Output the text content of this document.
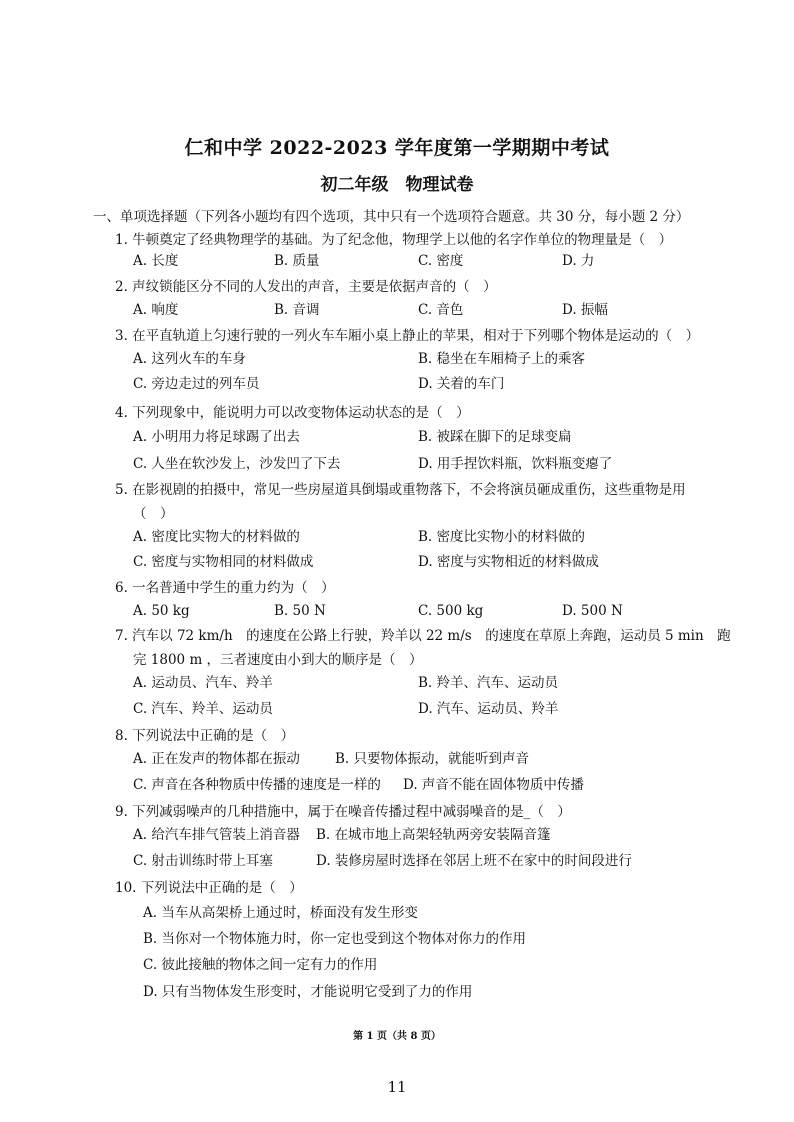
仁和中学 2022-2023 学年度第一学期期中考试
初二年级　物理试卷
一、单项选择题（下列各小题均有四个选项，其中只有一个选项符合题意。共 30 分，每小题 2 分）
1. 牛顿奠定了经典物理学的基础。为了纪念他，物理学上以他的名字作单位的物理量是（　）
A. 长度	B. 质量	C. 密度	D. 力
2. 声纹锁能区分不同的人发出的声音，主要是依据声音的（　）
A. 响度	B. 音调	C. 音色	D. 振幅
3. 在平直轨道上匀速行驶的一列火车车厢小桌上静止的苹果，相对于下列哪个物体是运动的（　）
A. 这列火车的车身	B. 稳坐在车厢椅子上的乘客
C. 旁边走过的列车员	D. 关着的车门
4. 下列现象中，能说明力可以改变物体运动状态的是（　）
A. 小明用力将足球踢了出去	B. 被踩在脚下的足球变扁
C. 人坐在软沙发上，沙发凹了下去	D. 用手捏饮料瓶，饮料瓶变瘪了
5. 在影视剧的拍摄中，常见一些房屋道具倒塌或重物落下，不会将演员砸成重伤，这些重物是用
（　）
A. 密度比实物大的材料做的	B. 密度比实物小的材料做的
C. 密度与实物相同的材料做成	D. 密度与实物相近的材料做成
6. 一名普通中学生的重力约为（　）
A. 50 kg	B. 50 N	C. 500 kg	D. 500 N
7. 汽车以 72 km/h　的速度在公路上行驶，羚羊以 22 m/s　的速度在草原上奔跑，运动员 5 min　跑
完 1800 m ，三者速度由小到大的顺序是（　）
A. 运动员、汽车、羚羊	B. 羚羊、汽车、运动员
C. 汽车、羚羊、运动员	D. 汽车、运动员、羚羊
8. 下列说法中正确的是（　）
A. 正在发声的物体都在振动	B. 只要物体振动，就能听到声音
C. 声音在各种物质中传播的速度是一样的 D. 声音不能在固体物质中传播
9. 下列减弱噪声的几种措施中，属于在噪音传播过程中减弱噪音的是_（　）
A. 给汽车排气管装上消音器 B. 在城市地上高架轻轨两旁安装隔音篷
C. 射击训练时带上耳塞	D. 装修房屋时选择在邻居上班不在家中的时间段进行
10. 下列说法中正确的是（　）
A. 当车从高架桥上通过时，桥面没有发生形变
B. 当你对一个物体施力时，你一定也受到这个物体对你力的作用
C. 彼此接触的物体之间一定有力的作用
D. 只有当物体发生形变时，才能说明它受到了力的作用
第 1 页（共 8 页）
11
